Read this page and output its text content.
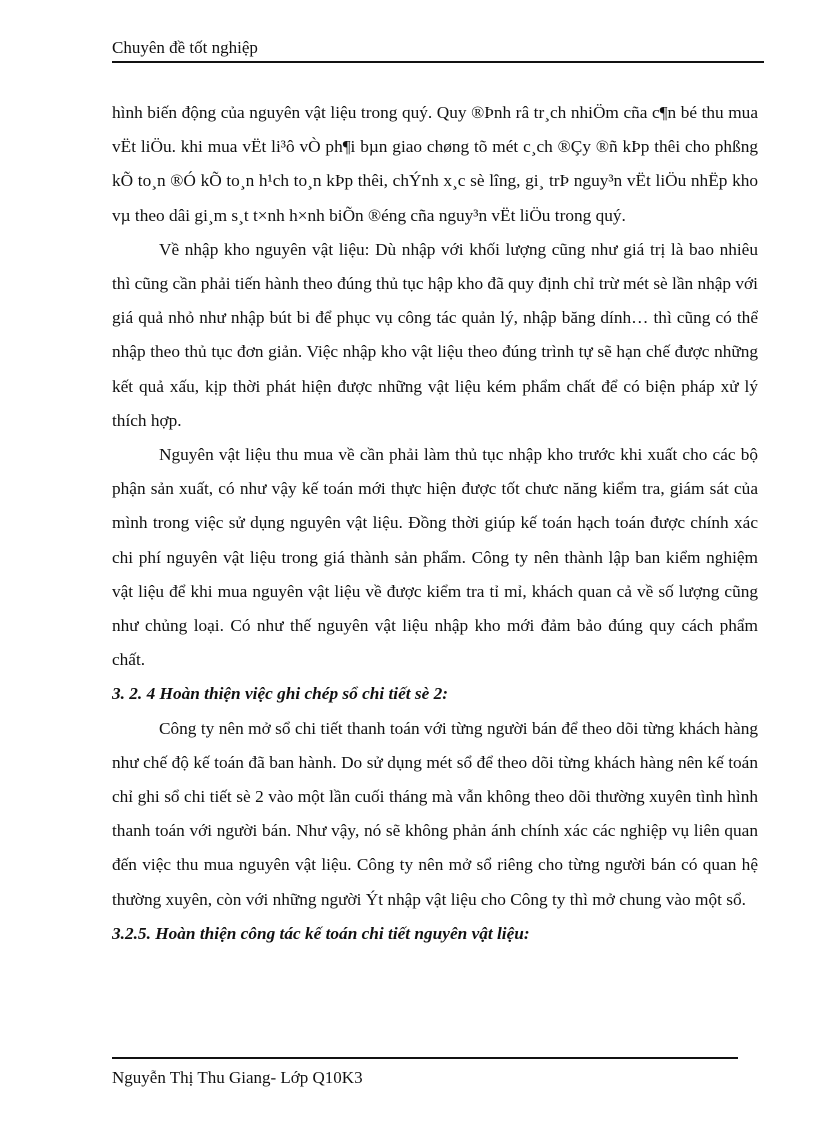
Chuyên đề tốt nghiệp

hình biến động của nguyên vật liệu trong quý. Quy ®Þnh râ tr¸ch nhiÖm cña c¶n bé thu mua vËt liÖu. khi mua vËt li³ô vÒ ph¶i bµn giao chøng tõ mét c¸ch ®Çy ®ñ kÞp thêi cho phßng kÕ to¸n ®Ó kÕ to¸n h¹ch to¸n kÞp thêi, chÝnh x¸c sè lîng, gi¸ trÞ nguy³n vËt liÖu nhËp kho vµ theo dâi gi¸m s¸t t×nh h×nh biÕn ®éng cña nguy³n vËt liÖu trong quý.

Về nhập kho nguyên vật liệu: Dù nhập với khối lượng cũng như giá trị là bao nhiêu thì cũng cần phải tiến hành theo đúng thủ tục hập kho đã quy định chỉ trừ mét sè lần nhập với giá quả nhỏ như nhập bút bi để phục vụ công tác quản lý, nhập băng dính… thì cũng có thể nhập theo thủ tục đơn giản. Việc nhập kho vật liệu theo đúng trình tự sẽ hạn chế được những kết quả xấu, kịp thời phát hiện được những vật liệu kém phẩm chất để có biện pháp xử lý thích hợp.

Nguyên vật liệu thu mua về cần phải làm thủ tục nhập kho trước khi xuất cho các bộ phận sản xuất, có như vậy kế toán mới thực hiện được tốt chưc năng kiểm tra, giám sát của mình trong việc sử dụng nguyên vật liệu. Đồng thời giúp kế toán hạch toán được chính xác chi phí nguyên vật liệu trong giá thành sản phẩm. Công ty nên thành lập ban kiểm nghiệm vật liệu để khi mua nguyên vật liệu về được kiểm tra tỉ mỉ, khách quan cả về số lượng cũng như chủng loại. Có như thế nguyên vật liệu nhập kho mới đảm bảo đúng quy cách phẩm chất.

3. 2. 4 Hoàn thiện việc ghi chép sổ chi tiết sè 2:

Công ty nên mở sổ chi tiết thanh toán với từng người bán để theo dõi từng khách hàng như chế độ kế toán đã ban hành. Do sử dụng mét sổ để theo dõi từng khách hàng nên kế toán chỉ ghi sổ chi tiết sè 2 vào một lần cuối tháng mà vẫn không theo dõi thường xuyên tình hình thanh toán với người bán. Như vậy, nó sẽ không phản ánh chính xác các nghiệp vụ liên quan đến việc thu mua nguyên vật liệu. Công ty nên mở sổ riêng cho từng người bán có quan hệ thường xuyên, còn với những người Ýt nhập vật liệu cho Công ty thì mở chung vào một sổ.

3.2.5. Hoàn thiện công tác kế toán chi tiết nguyên vật liệu:
Nguyễn Thị Thu Giang- Lớp Q10K3
